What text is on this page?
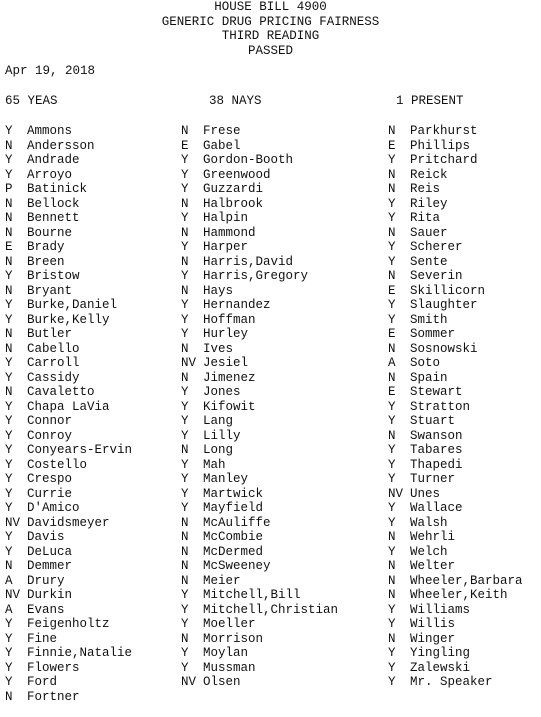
HOUSE BILL 4900
GENERIC DRUG PRICING FAIRNESS
THIRD READING
PASSED
Apr 19, 2018
65 YEAS	38 NAYS	1 PRESENT
Y Ammons
N Andersson
Y Andrade
Y Arroyo
P Batinick
N Bellock
N Bennett
N Bourne
E Brady
N Breen
Y Bristow
N Bryant
Y Burke,Daniel
Y Burke,Kelly
N Butler
N Cabello
Y Carroll
Y Cassidy
N Cavaletto
Y Chapa LaVia
Y Connor
Y Conroy
Y Conyears-Ervin
Y Costello
Y Crespo
Y Currie
Y D'Amico
NV Davidsmeyer
Y Davis
Y DeLuca
N Demmer
A Drury
NV Durkin
A Evans
Y Feigenholtz
Y Fine
Y Finnie,Natalie
Y Flowers
Y Ford
N Fortner
N Frese
E Gabel
Y Gordon-Booth
Y Greenwood
Y Guzzardi
N Halbrook
Y Halpin
N Hammond
Y Harper
N Harris,David
Y Harris,Gregory
N Hays
Y Hernandez
Y Hoffman
Y Hurley
N Ives
NV Jesiel
N Jimenez
Y Jones
Y Kifowit
Y Lang
Y Lilly
N Long
Y Mah
Y Manley
Y Martwick
Y Mayfield
N McAuliffe
N McCombie
N McDermed
N McSweeney
N Meier
Y Mitchell,Bill
Y Mitchell,Christian
Y Moeller
N Morrison
Y Moylan
Y Mussman
NV Olsen
N Parkhurst
E Phillips
Y Pritchard
N Reick
N Reis
Y Riley
Y Rita
N Sauer
Y Scherer
Y Sente
N Severin
E Skillicorn
Y Slaughter
Y Smith
E Sommer
N Sosnowski
A Soto
N Spain
E Stewart
Y Stratton
Y Stuart
N Swanson
Y Tabares
Y Thapedi
Y Turner
NV Unes
Y Wallace
Y Walsh
N Wehrli
Y Welch
N Welter
N Wheeler,Barbara
N Wheeler,Keith
Y Williams
Y Willis
N Winger
Y Yingling
Y Zalewski
Y Mr. Speaker
